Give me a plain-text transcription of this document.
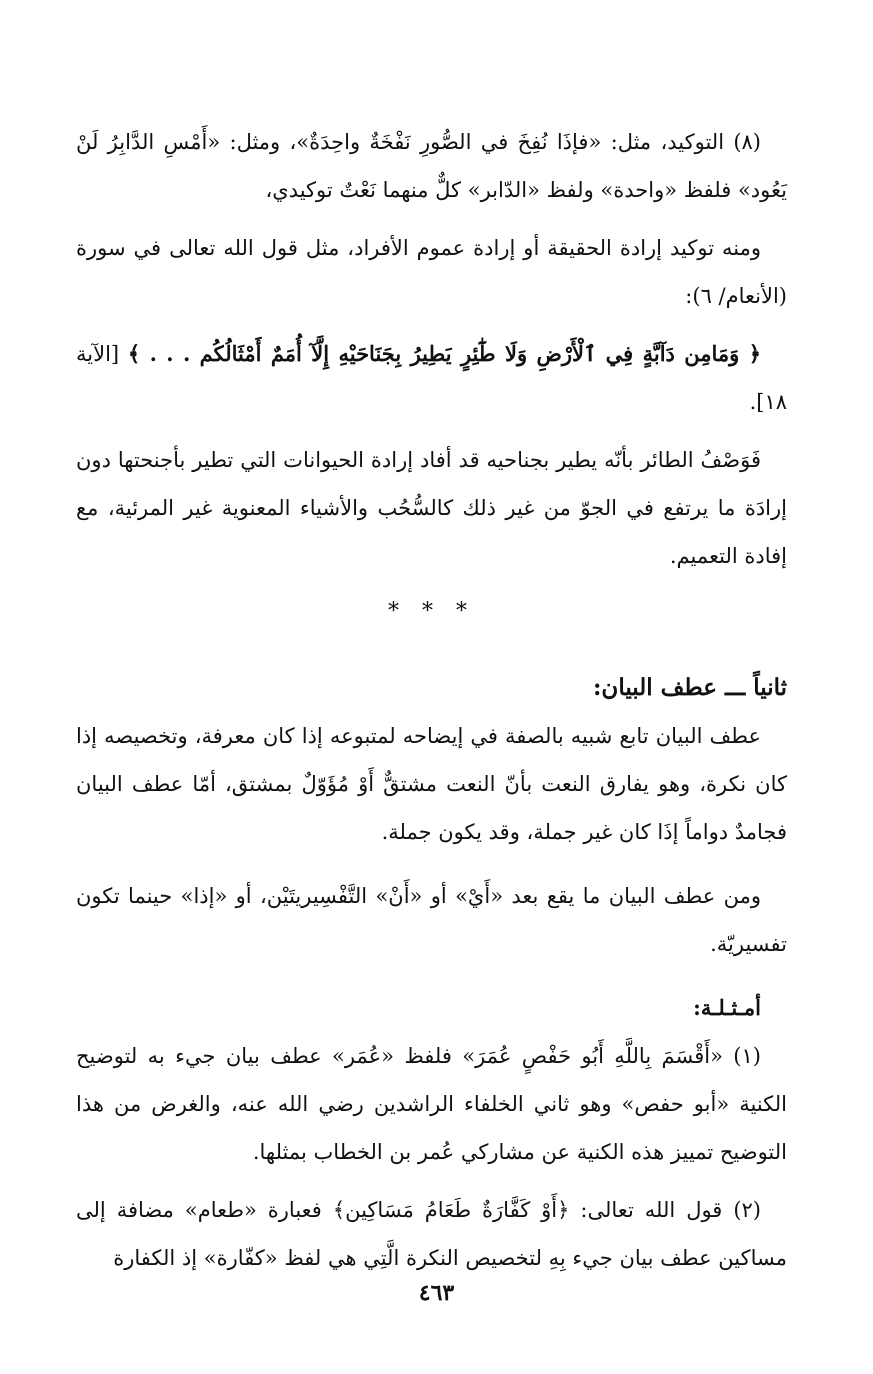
(٨) التوكيد، مثل: «فإذَا نُفِخَ في الصُّورِ نَفْخَةٌ واحِدَةٌ»، ومثل: «أَمْسِ الدَّابِرُ لَنْ يَعُود» فلفظ «واحدة» ولفظ «الدّابر» كلٌّ منهما نَعْتٌ توكيدي،

ومنه توكيد إرادة الحقيقة أو إرادة عموم الأفراد، مثل قول الله تعالى في سورة (الأنعام/ ٦):

﴿ وَمَامِن دَآبَّةٍ فِي ٱلْأَرْضِ وَلَا طَٰٓئِرٍ يَطِيرُ بِجَنَاحَيْهِ إِلَّآ أُمَمٌ أَمْثَالُكُم . . . ﴾ [الآية ١٨].

فَوَصْفُ الطائر بأنّه يطير بجناحيه قد أفاد إرادة الحيوانات التي تطير بأجنحتها دون إرادَة ما يرتفع في الجوّ من غير ذلك كالسُّحُب والأشياء المعنوية غير المرئية، مع إفادة التعميم.

* * *
ثانياً ـــ عطف البيان:

عطف البيان تابع شبيه بالصفة في إيضاحه لمتبوعه إذا كان معرفة، وتخصيصه إذا كان نكرة، وهو يفارق النعت بأنّ النعت مشتقٌّ أَوْ مُؤَوّلٌ بمشتق، أمّا عطف البيان فجامدٌ دواماً إذَا كان غير جملة، وقد يكون جملة.

ومن عطف البيان ما يقع بعد «أَيْ» أو «أَنْ» التَّفْسِيريتَيْن، أو «إذا» حينما تكون تفسيريّة.

أمـثـلـة:

(١) «أَقْسَمَ بِاللَّهِ أَبُو حَفْصٍ عُمَرَ» فلفظ «عُمَر» عطف بيان جيء به لتوضيح الكنية «أبو حفص» وهو ثاني الخلفاء الراشدين رضي الله عنه، والغرض من هذا التوضيح تمييز هذه الكنية عن مشاركي عُمر بن الخطاب بمثلها.

(٢) قول الله تعالى: ﴿أَوْ كَفَّارَةٌ طَعَامُ مَسَاكِين﴾ فعبارة «طعام» مضافة إلى مساكين عطف بيان جيء بِهِ لتخصيص النكرة الَّتِي هي لفظ «كفّارة» إذ الكفارة

٤٦٣
